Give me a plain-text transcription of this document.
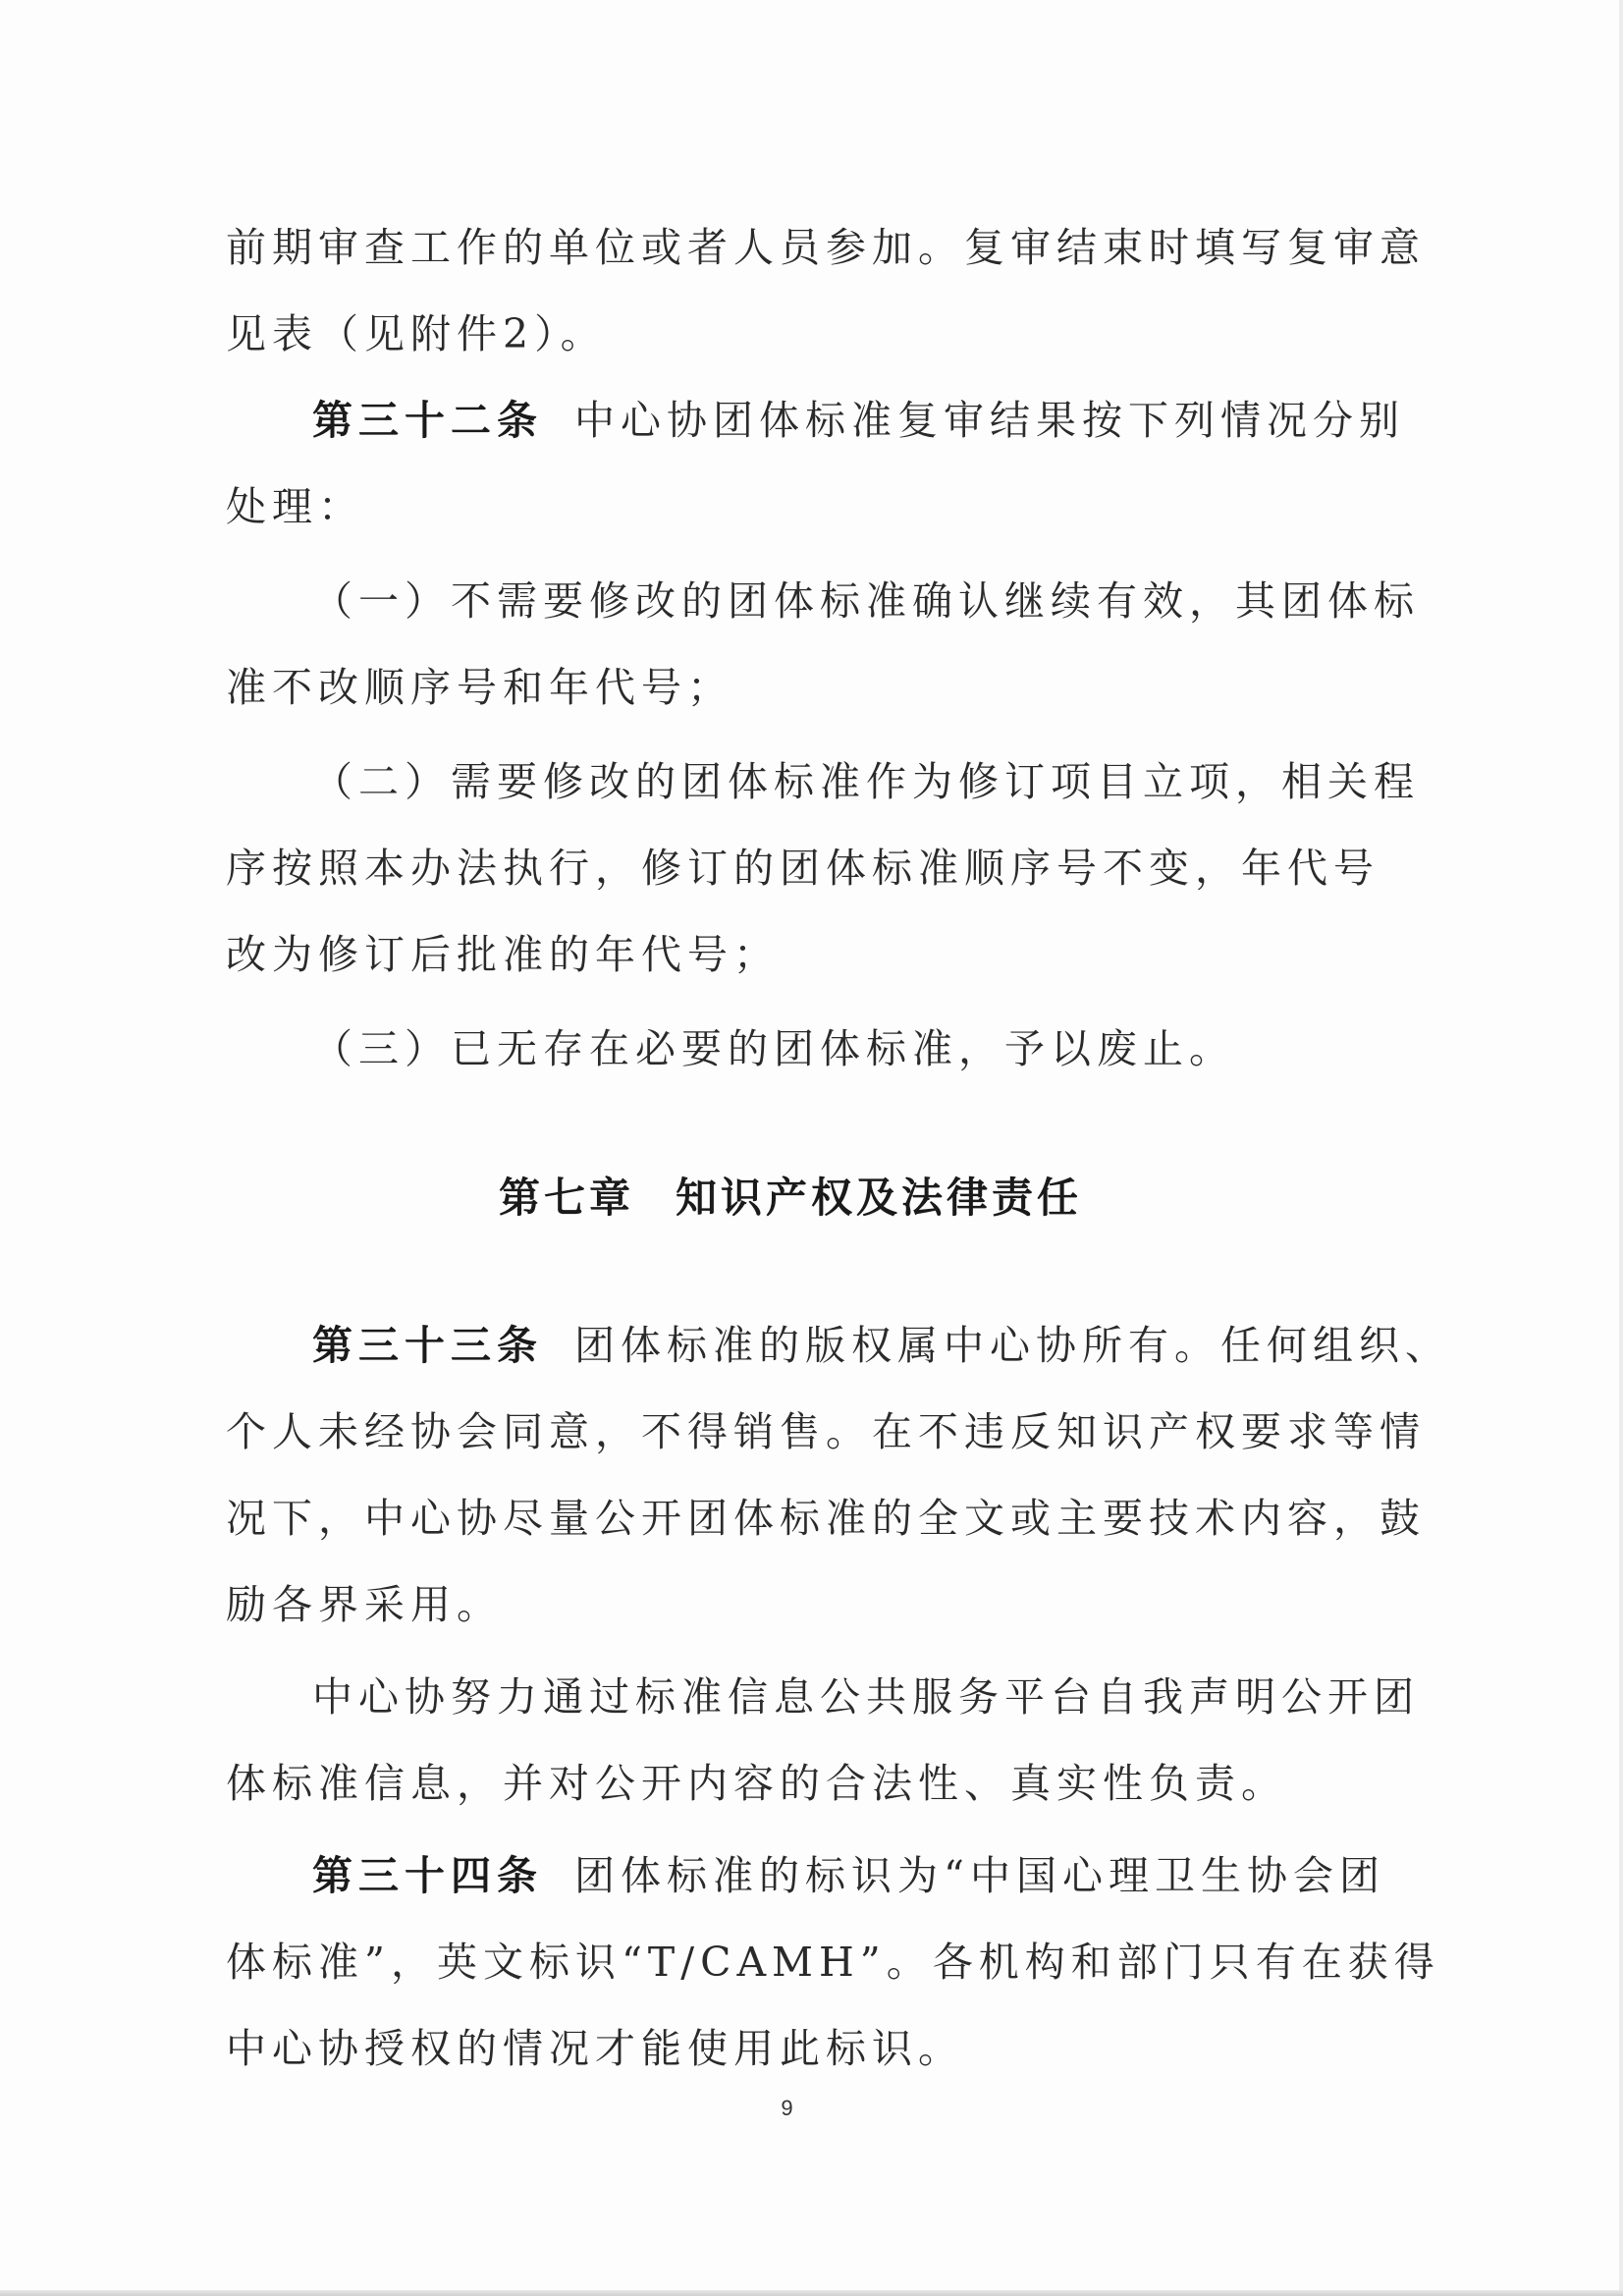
前期审查工作的单位或者人员参加。复审结束时填写复审意
见表（见附件2）。
第三十二条 中心协团体标准复审结果按下列情况分别
处理：
（一）不需要修改的团体标准确认继续有效，其团体标
准不改顺序号和年代号；
（二）需要修改的团体标准作为修订项目立项，相关程
序按照本办法执行，修订的团体标准顺序号不变，年代号
改为修订后批准的年代号；
（三）已无存在必要的团体标准，予以废止。
第七章 知识产权及法律责任
第三十三条 团体标准的版权属中心协所有。任何组织、
个人未经协会同意，不得销售。在不违反知识产权要求等情
况下，中心协尽量公开团体标准的全文或主要技术内容，鼓
励各界采用。
中心协努力通过标准信息公共服务平台自我声明公开团
体标准信息，并对公开内容的合法性、真实性负责。
第三十四条 团体标准的标识为“中国心理卫生协会团
体标准”，英文标识“T/CAMH”。各机构和部门只有在获得
中心协授权的情况才能使用此标识。
9
